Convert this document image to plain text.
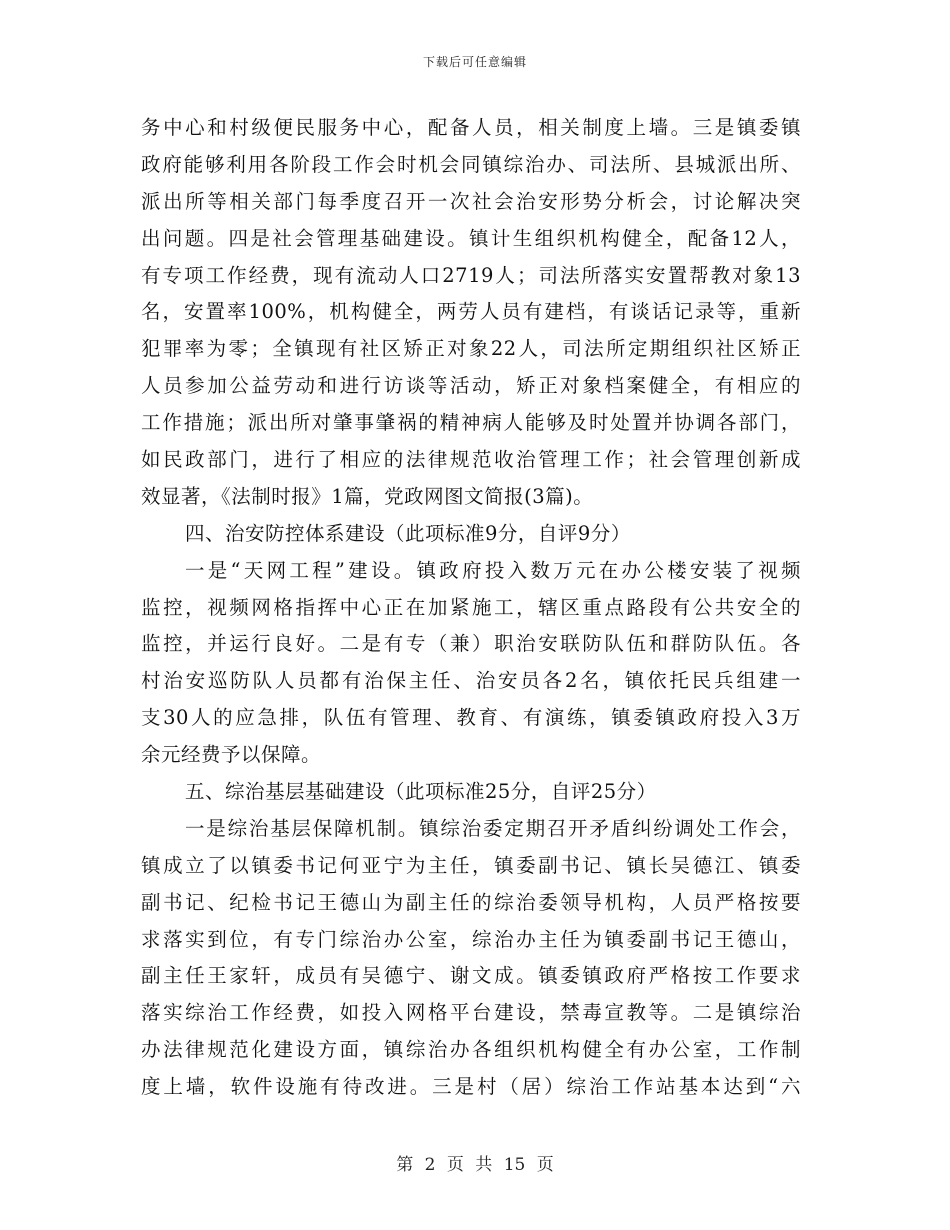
下载后可任意编辑
务中心和村级便民服务中心，配备人员，相关制度上墙。三是镇委镇
政府能够利用各阶段工作会时机会同镇综治办、司法所、县城派出所、
派出所等相关部门每季度召开一次社会治安形势分析会，讨论解决突
出问题。四是社会管理基础建设。镇计生组织机构健全，配备12人，
有专项工作经费，现有流动人口2719人；司法所落实安置帮教对象13
名，安置率100%，机构健全，两劳人员有建档，有谈话记录等，重新
犯罪率为零；全镇现有社区矫正对象22人，司法所定期组织社区矫正
人员参加公益劳动和进行访谈等活动，矫正对象档案健全，有相应的
工作措施；派出所对肇事肇祸的精神病人能够及时处置并协调各部门，
如民政部门，进行了相应的法律规范收治管理工作；社会管理创新成
效显著，《法制时报》1篇，党政网图文简报(3篇)。
四、治安防控体系建设（此项标准9分，自评9分）
一是“天网工程”建设。镇政府投入数万元在办公楼安装了视频
监控，视频网格指挥中心正在加紧施工，辖区重点路段有公共安全的
监控，并运行良好。二是有专（兼）职治安联防队伍和群防队伍。各
村治安巡防队人员都有治保主任、治安员各2名，镇依托民兵组建一
支30人的应急排，队伍有管理、教育、有演练，镇委镇政府投入3万
余元经费予以保障。
五、综治基层基础建设（此项标准25分，自评25分）
一是综治基层保障机制。镇综治委定期召开矛盾纠纷调处工作会，
镇成立了以镇委书记何亚宁为主任，镇委副书记、镇长吴德江、镇委
副书记、纪检书记王德山为副主任的综治委领导机构，人员严格按要
求落实到位，有专门综治办公室，综治办主任为镇委副书记王德山，
副主任王家轩，成员有吴德宁、谢文成。镇委镇政府严格按工作要求
落实综治工作经费，如投入网格平台建设，禁毒宣教等。二是镇综治
办法律规范化建设方面，镇综治办各组织机构健全有办公室，工作制
度上墙，软件设施有待改进。三是村（居）综治工作站基本达到“六
第 2 页 共 15 页
